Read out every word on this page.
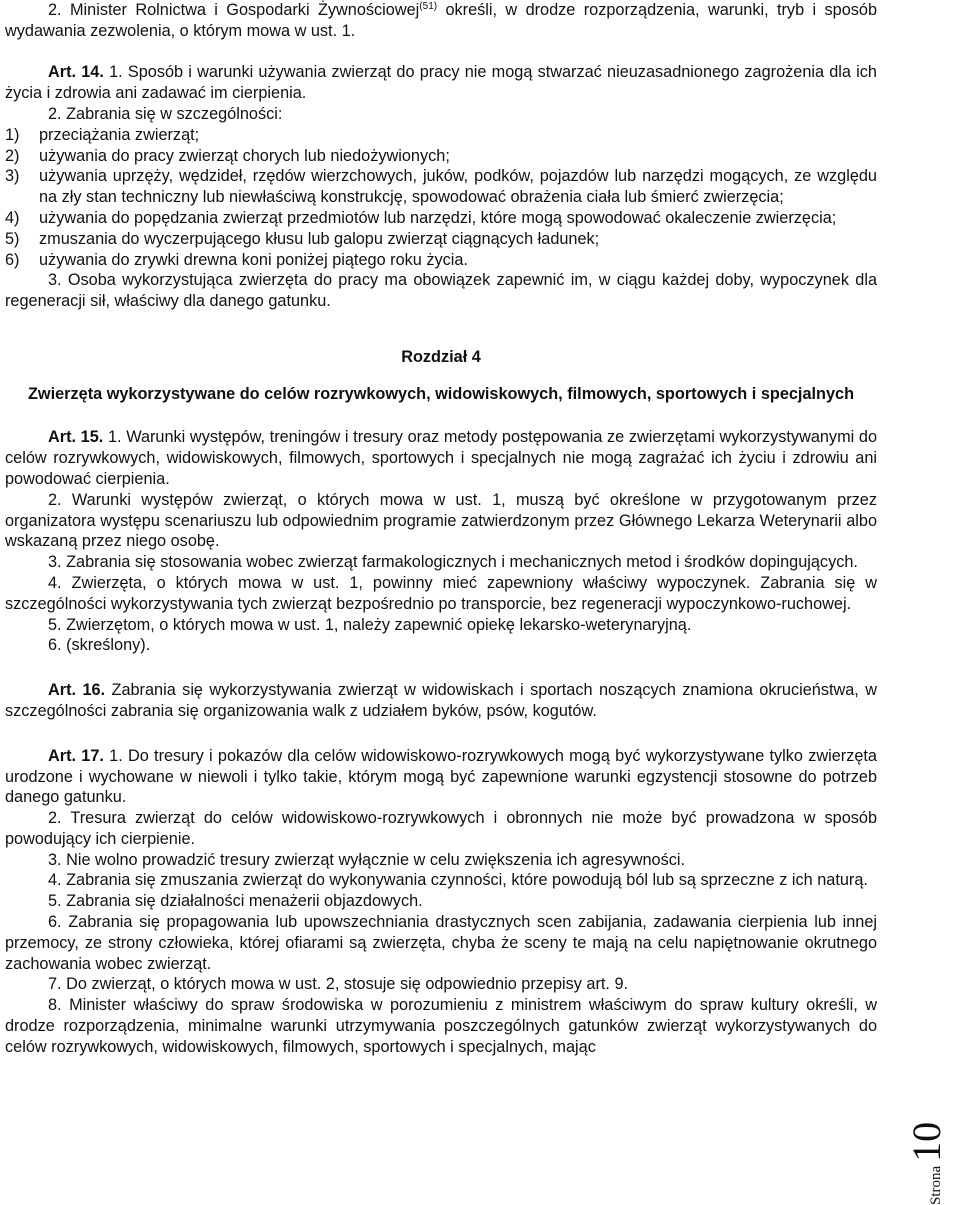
2. Minister Rolnictwa i Gospodarki Żywnościowej$^{(51)}$ określi, w drodze rozporządzenia, warunki, tryb i sposób wydawania zezwolenia, o którym mowa w ust. 1.

Art. 14. 1. Sposób i warunki używania zwierząt do pracy nie mogą stwarzać nieuzasadnionego zagrożenia dla ich życia i zdrowia ani zadawać im cierpienia.

2. Zabrania się w szczególności:

1) przeciążania zwierząt;
2) używania do pracy zwierząt chorych lub niedożywionych;
3) używania uprzęży, wędzideł, rzędów wierzchowych, juków, podków, pojazdów lub narzędzi mogących, ze względu na zły stan techniczny lub niewłaściwą konstrukcję, spowodować obrażenia ciała lub śmierć zwierzęcia;
4) używania do popędzania zwierząt przedmiotów lub narzędzi, które mogą spowodować okaleczenie zwierzęcia;
5) zmuszania do wyczerpującego kłusu lub galopu zwierząt ciągnących ładunek;
6) używania do zrywki drewna koni poniżej piątego roku życia.

3. Osoba wykorzystująca zwierzęta do pracy ma obowiązek zapewnić im, w ciągu każdej doby, wypoczynek dla regeneracji sił, właściwy dla danego gatunku.

Rozdział 4

Zwierzęta wykorzystywane do celów rozrywkowych, widowiskowych, filmowych, sportowych i specjalnych

Art. 15. 1. Warunki występów, treningów i tresury oraz metody postępowania ze zwierzętami wykorzystywanymi do celów rozrywkowych, widowiskowych, filmowych, sportowych i specjalnych nie mogą zagrażać ich życiu i zdrowiu ani powodować cierpienia.

2. Warunki występów zwierząt, o których mowa w ust. 1, muszą być określone w przygotowanym przez organizatora występu scenariuszu lub odpowiednim programie zatwierdzonym przez Głównego Lekarza Weterynarii albo wskazaną przez niego osobę.

3. Zabrania się stosowania wobec zwierząt farmakologicznych i mechanicznych metod i środków dopingujących.

4. Zwierzęta, o których mowa w ust. 1, powinny mieć zapewniony właściwy wypoczynek. Zabrania się w szczególności wykorzystywania tych zwierząt bezpośrednio po transporcie, bez regeneracji wypoczynkowo-ruchowej.

5. Zwierzętom, o których mowa w ust. 1, należy zapewnić opiekę lekarsko-weterynaryjną.

6. (skreślony).

Art. 16. Zabrania się wykorzystywania zwierząt w widowiskach i sportach noszących znamiona okrucieństwa, w szczególności zabrania się organizowania walk z udziałem byków, psów, kogutów.

Art. 17. 1. Do tresury i pokazów dla celów widowiskowo-rozrywkowych mogą być wykorzystywane tylko zwierzęta urodzone i wychowane w niewoli i tylko takie, którym mogą być zapewnione warunki egzystencji stosowne do potrzeb danego gatunku.

2. Tresura zwierząt do celów widowiskowo-rozrywkowych i obronnych nie może być prowadzona w sposób powodujący ich cierpienie.

3. Nie wolno prowadzić tresury zwierząt wyłącznie w celu zwiększenia ich agresywności.

4. Zabrania się zmuszania zwierząt do wykonywania czynności, które powodują ból lub są sprzeczne z ich naturą.

5. Zabrania się działalności menażerii objazdowych.

6. Zabrania się propagowania lub upowszechniania drastycznych scen zabijania, zadawania cierpienia lub innej przemocy, ze strony człowieka, której ofiarami są zwierzęta, chyba że sceny te mają na celu napiętnowanie okrutnego zachowania wobec zwierząt.

7. Do zwierząt, o których mowa w ust. 2, stosuje się odpowiednio przepisy art. 9.

8. Minister właściwy do spraw środowiska w porozumieniu z ministrem właściwym do spraw kultury określi, w drodze rozporządzenia, minimalne warunki utrzymywania poszczególnych gatunków zwierząt wykorzystywanych do celów rozrywkowych, widowiskowych, filmowych, sportowych i specjalnych, mając

Strona
10
